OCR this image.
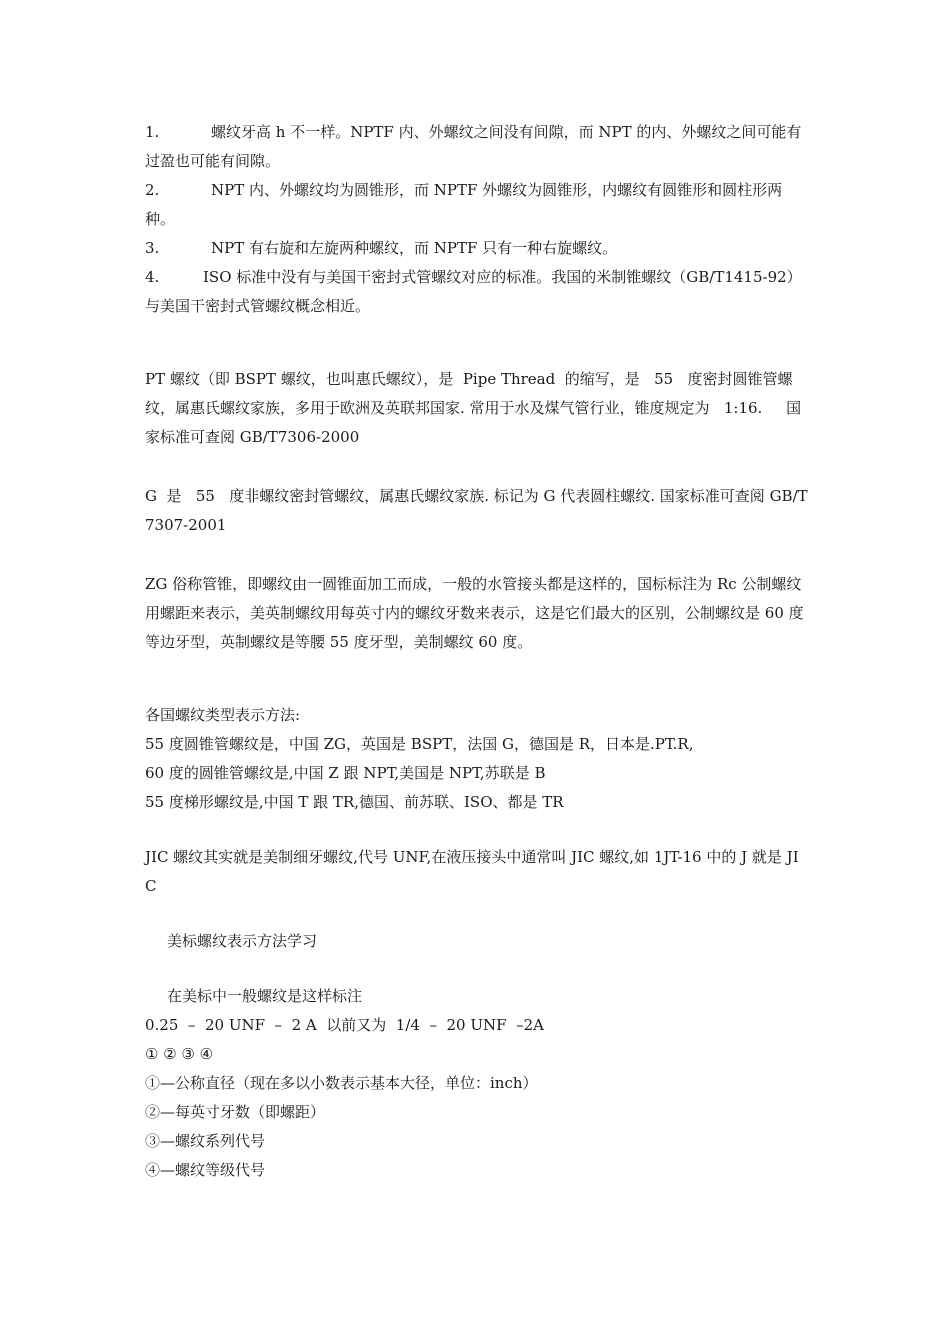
1.	螺纹牙高 h 不一样。NPTF 内、外螺纹之间没有间隙，而 NPT 的内、外螺纹之间可能有过盈也可能有间隙。

2.	NPT 内、外螺纹均为圆锥形，而 NPTF 外螺纹为圆锥形，内螺纹有圆锥形和圆柱形两种。

3.	NPT 有右旋和左旋两种螺纹，而 NPTF 只有一种右旋螺纹。

4.	ISO 标准中没有与美国干密封式管螺纹对应的标准。我国的米制锥螺纹（GB/T1415-92）与美国干密封式管螺纹概念相近。

PT 螺纹（即 BSPT 螺纹，也叫惠氏螺纹），是  Pipe Thread  的缩写，是   55   度密封圆锥管螺纹，属惠氏螺纹家族，多用于欧洲及英联邦国家. 常用于水及煤气管行业，锥度规定为   1:16.     国家标准可查阅 GB/T7306-2000

G  是   55   度非螺纹密封管螺纹，属惠氏螺纹家族. 标记为 G 代表圆柱螺纹. 国家标准可查阅 GB/T7307-2001

ZG 俗称管锥，即螺纹由一圆锥面加工而成，一般的水管接头都是这样的，国标标注为 Rc 公制螺纹用螺距来表示，美英制螺纹用每英寸内的螺纹牙数来表示，这是它们最大的区别，公制螺纹是 60 度等边牙型，英制螺纹是等腰 55 度牙型，美制螺纹 60 度。

各国螺纹类型表示方法:

55 度圆锥管螺纹是，中国 ZG，英国是 BSPT，法国 G，德国是 R，日本是.PT.R,

60 度的圆锥管螺纹是,中国 Z 跟 NPT,美国是 NPT,苏联是 B

55 度梯形螺纹是,中国 T 跟 TR,德国、前苏联、ISO、都是 TR

JIC 螺纹其实就是美制细牙螺纹,代号 UNF,在液压接头中通常叫 JIC 螺纹,如 1JT-16 中的 J 就是 JIC

美标螺纹表示方法学习

在美标中一般螺纹是这样标注

0.25  –  20 UNF  –  2 A  以前又为  1/4  –  20 UNF  –2A

① ② ③ ④

①—公称直径（现在多以小数表示基本大径，单位：inch）

②—每英寸牙数（即螺距）

③—螺纹系列代号

④—螺纹等级代号
